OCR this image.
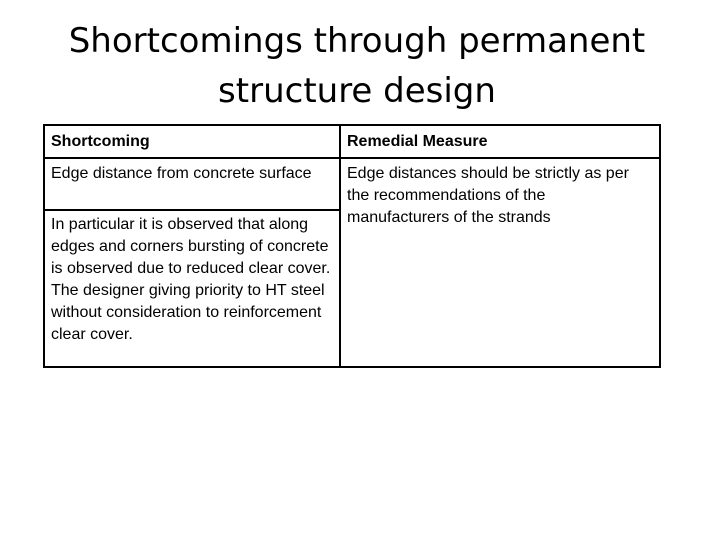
Shortcomings through permanent
structure design
Shortcoming	Remedial Measure
Edge distance from concrete surface
In particular it is observed that along edges and corners bursting of concrete is observed due to reduced clear cover. The designer giving priority to HT steel without consideration to reinforcement clear cover.
Edge distances should be strictly as per the recommendations of the manufacturers of the strands
